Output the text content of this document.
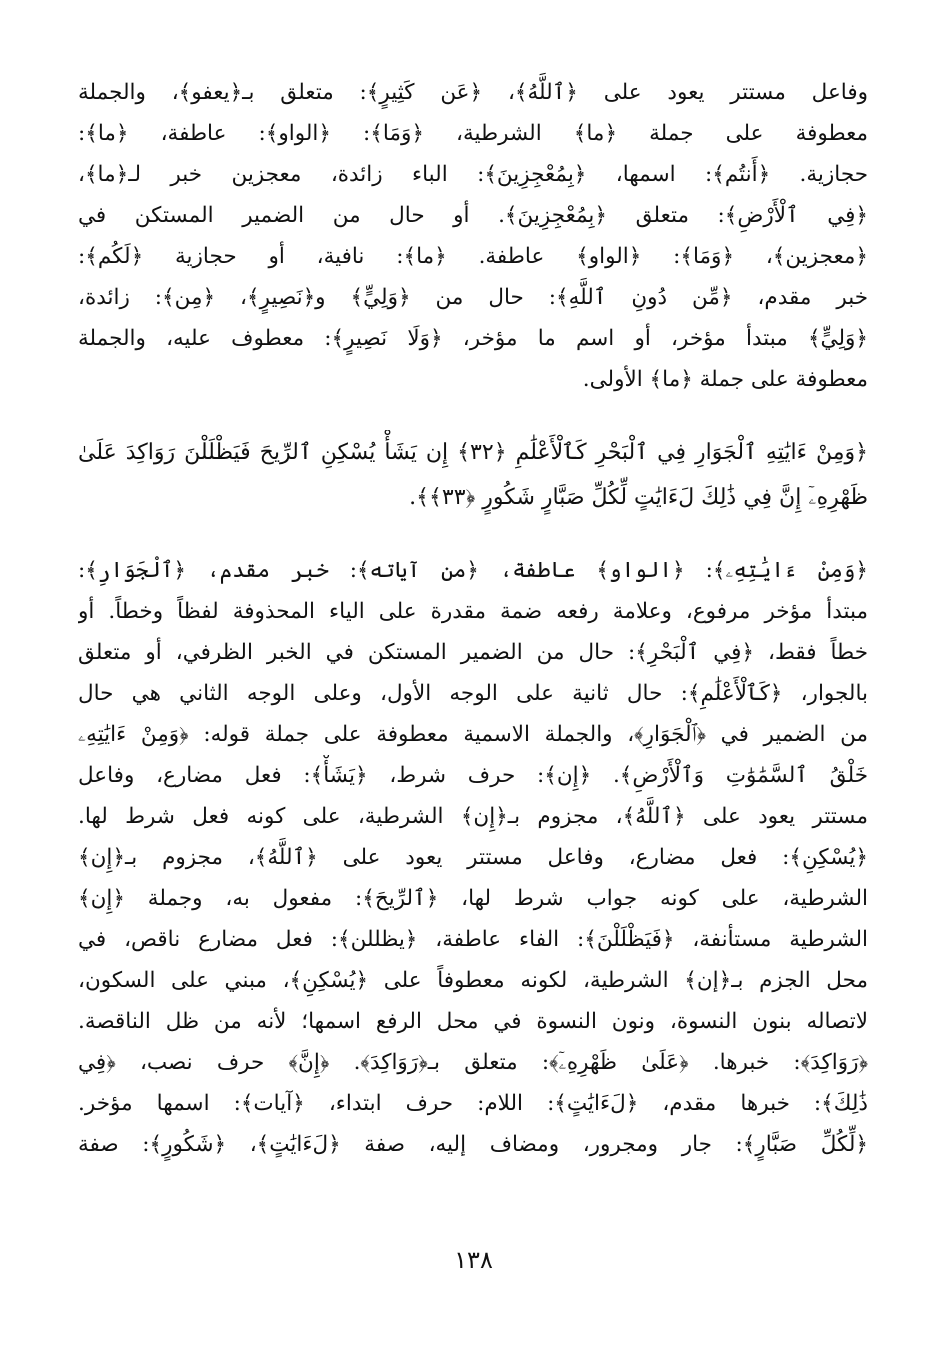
وفاعل مستتر يعود على ﴿ٱللَّهُ﴾، ﴿عَن كَثِيرٍ﴾: متعلق بـ﴿يعفو﴾، والجملة
معطوفة على جملة ﴿ما﴾ الشرطية، ﴿وَمَا﴾: ﴿الواو﴾: عاطفة، ﴿ما﴾:
حجازية. ﴿أَنتُم﴾: اسمها، ﴿بِمُعْجِزِينَ﴾: الباء زائدة، معجزين خبر لـ﴿ما﴾،
﴿فِي ٱلْأَرْضِ﴾: متعلق ﴿بِمُعْجِزِينَ﴾. أو حال من الضمير المستكن في
﴿معجزين﴾، ﴿وَمَا﴾: ﴿الواو﴾ عاطفة. ﴿ما﴾: نافية، أو حجازية ﴿لَكُم﴾:
خبر مقدم، ﴿مِّن دُونِ ٱللَّهِ﴾: حال من ﴿وَلِيٍّ﴾ و﴿نَصِيرٍ﴾، ﴿مِن﴾: زائدة،
﴿وَلِيٍّ﴾ مبتدأ مؤخر، أو اسم ما مؤخر، ﴿وَلَا نَصِيرٍ﴾: معطوف عليه، والجملة
معطوفة على جملة ﴿ما﴾ الأولى.
﴿وَمِنْ ءَايَٰتِهِ ٱلْجَوَارِ فِي ٱلْبَحْرِ كَٱلْأَعْلَٰمِ ﴿٣٢﴾ إِن يَشَأْ يُسْكِنِ ٱلرِّيحَ فَيَظْلَلْنَ رَوَاكِدَ عَلَىٰ
ظَهْرِهِۦٓ إِنَّ فِي ذَٰلِكَ لَءَايَٰتٍ لِّكُلِّ صَبَّارٍ شَكُورٍ ﴿٣٣﴾﴾.
﴿وَمِنْ ءَايَٰتِهِۦ﴾: ﴿الواو﴾ عاطفة، ﴿من آياته﴾: خبر مقدم، ﴿ٱلْجَوَارِ﴾:
مبتدأ مؤخر مرفوع، وعلامة رفعه ضمة مقدرة على الياء المحذوفة لفظاً وخطاً. أو
خطاً فقط، ﴿فِي ٱلْبَحْرِ﴾: حال من الضمير المستكن في الخبر الظرفي، أو متعلق
بالجوار، ﴿كَٱلْأَعْلَٰمِ﴾: حال ثانية على الوجه الأول، وعلى الوجه الثاني هي حال
من الضمير في ﴿ٱلْجَوَارِ﴾، والجملة الاسمية معطوفة على جملة قوله: ﴿وَمِنْ ءَايَٰتِهِۦ
خَلْقُ ٱلسَّمَٰوَٰتِ وَٱلْأَرْضِ﴾. ﴿إِن﴾: حرف شرط، ﴿يَشَأْ﴾: فعل مضارع، وفاعل
مستتر يعود على ﴿ٱللَّهُ﴾، مجزوم بـ﴿إِن﴾ الشرطية، على كونه فعل شرط لها.
﴿يُسْكِنِ﴾: فعل مضارع، وفاعل مستتر يعود على ﴿ٱللَّهُ﴾، مجزوم بـ﴿إِن﴾
الشرطية، على كونه جواب شرط لها، ﴿ٱلرِّيحَ﴾: مفعول به، وجملة ﴿إِن﴾
الشرطية مستأنفة، ﴿فَيَظْلَلْنَ﴾: الفاء عاطفة، ﴿يظللن﴾: فعل مضارع ناقص، في
محل الجزم بـ﴿إن﴾ الشرطية، لكونه معطوفاً على ﴿يُسْكِنِ﴾، مبني على السكون،
لاتصاله بنون النسوة، ونون النسوة في محل الرفع اسمها؛ لأنه من ظل الناقصة.
﴿رَوَاكِدَ﴾: خبرها. ﴿عَلَىٰ ظَهْرِهِۦٓ﴾: متعلق بـ﴿رَوَاكِدَ﴾. ﴿إِنَّ﴾ حرف نصب، ﴿فِي
ذَٰلِكَ﴾: خبرها مقدم، ﴿لَءَايَٰتٍ﴾: اللام: حرف ابتداء، ﴿آيات﴾: اسمها مؤخر.
﴿لِّكُلِّ صَبَّارٍ﴾: جار ومجرور، ومضاف إليه، صفة ﴿لَءَايَٰتٍ﴾، ﴿شَكُورٍ﴾: صفة
١٣٨
